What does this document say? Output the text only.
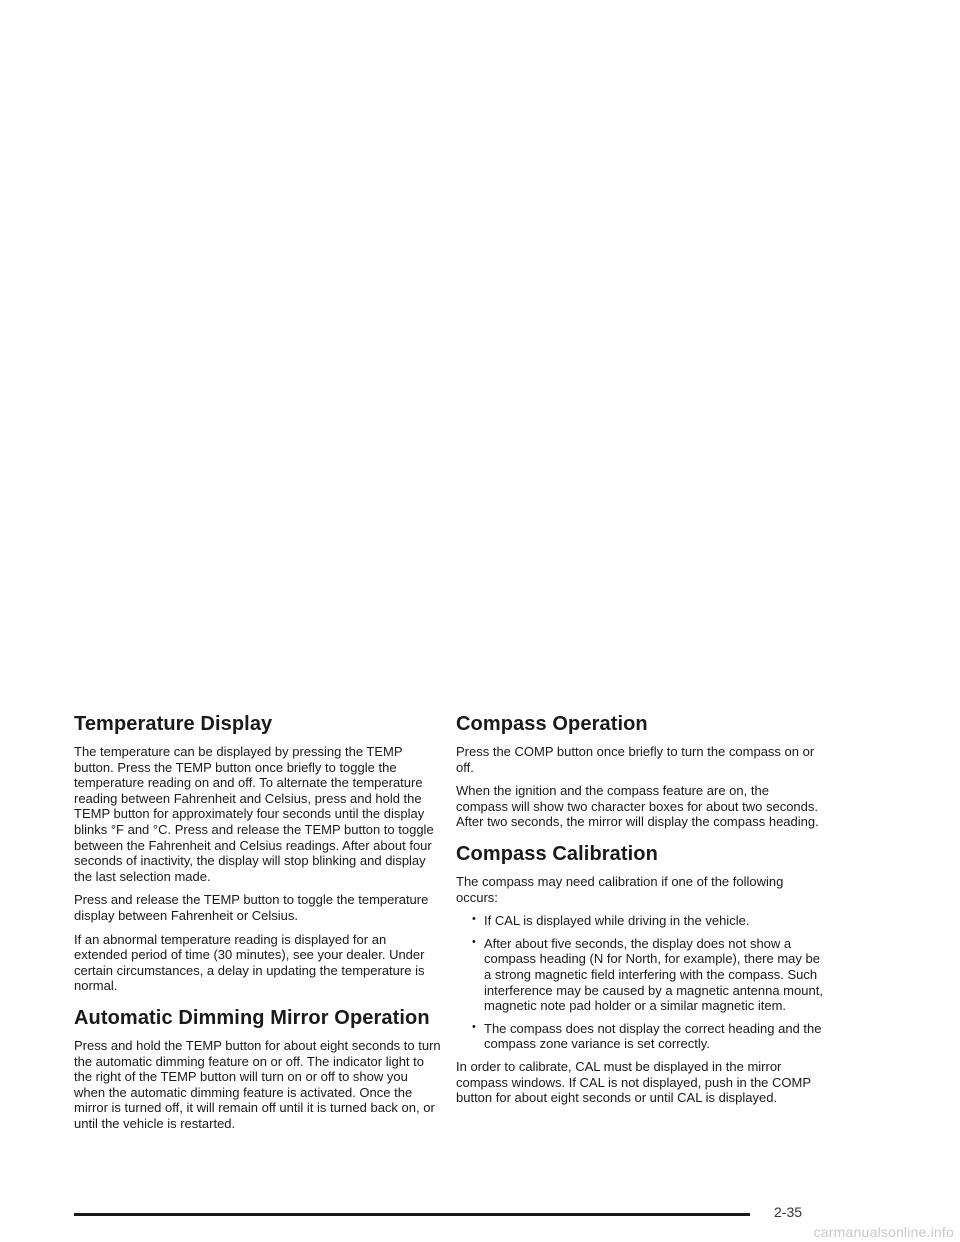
Temperature Display

The temperature can be displayed by pressing the TEMP button. Press the TEMP button once briefly to toggle the temperature reading on and off. To alternate the temperature reading between Fahrenheit and Celsius, press and hold the TEMP button for approximately four seconds until the display blinks °F and °C. Press and release the TEMP button to toggle between the Fahrenheit and Celsius readings. After about four seconds of inactivity, the display will stop blinking and display the last selection made.

Press and release the TEMP button to toggle the temperature display between Fahrenheit or Celsius.

If an abnormal temperature reading is displayed for an extended period of time (30 minutes), see your dealer. Under certain circumstances, a delay in updating the temperature is normal.

Automatic Dimming Mirror Operation

Press and hold the TEMP button for about eight seconds to turn the automatic dimming feature on or off. The indicator light to the right of the TEMP button will turn on or off to show you when the automatic dimming feature is activated. Once the mirror is turned off, it will remain off until it is turned back on, or until the vehicle is restarted.

Compass Operation

Press the COMP button once briefly to turn the compass on or off.

When the ignition and the compass feature are on, the compass will show two character boxes for about two seconds. After two seconds, the mirror will display the compass heading.

Compass Calibration

The compass may need calibration if one of the following occurs:

• If CAL is displayed while driving in the vehicle.
• After about five seconds, the display does not show a compass heading (N for North, for example), there may be a strong magnetic field interfering with the compass. Such interference may be caused by a magnetic antenna mount, magnetic note pad holder or a similar magnetic item.
• The compass does not display the correct heading and the compass zone variance is set correctly.

In order to calibrate, CAL must be displayed in the mirror compass windows. If CAL is not displayed, push in the COMP button for about eight seconds or until CAL is displayed.

2-35
carmanualsonline.info
